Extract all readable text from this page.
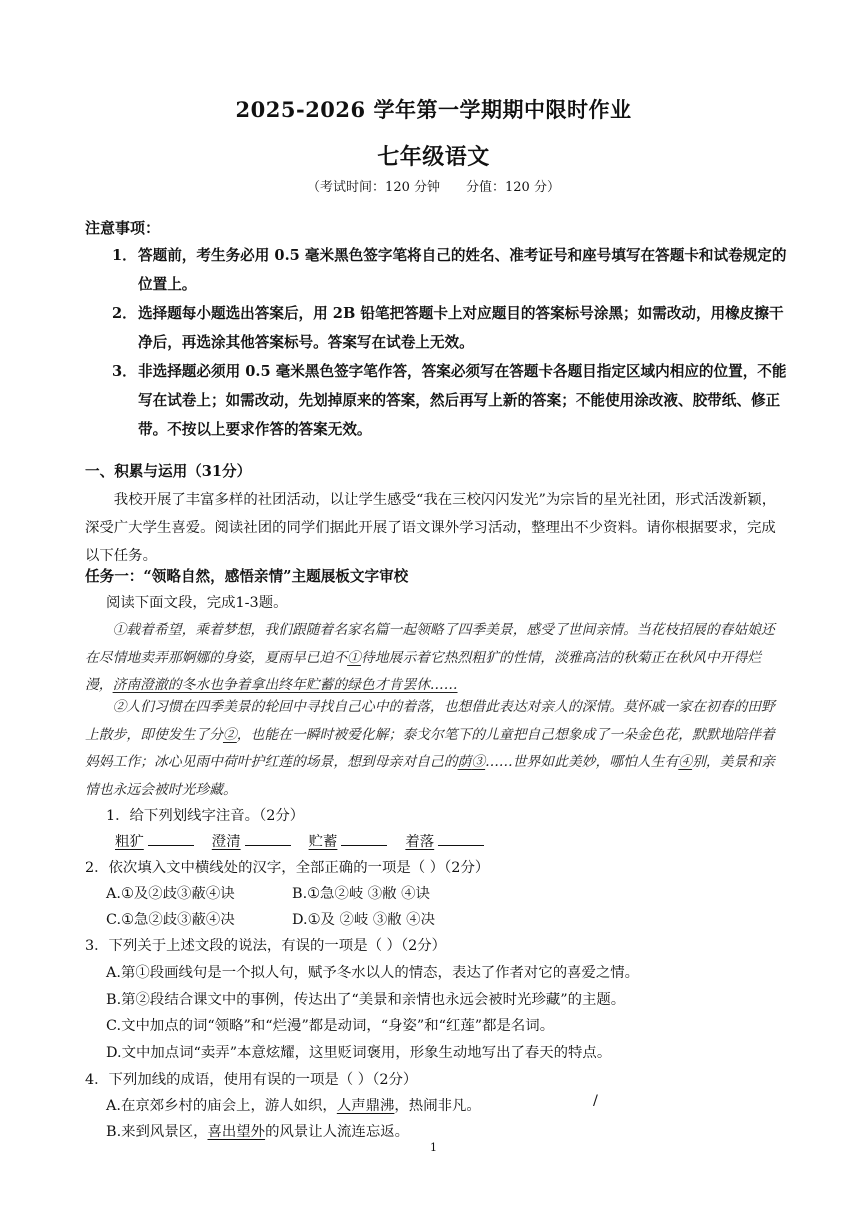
2025-2026 学年第一学期期中限时作业
七年级语文
（考试时间：120 分钟　　分值：120 分）
注意事项：
1． 答题前，考生务必用 0.5 毫米黑色签字笔将自己的姓名、准考证号和座号填写在答题卡和试卷规定的位置上。
2． 选择题每小题选出答案后，用 2B 铅笔把答题卡上对应题目的答案标号涂黑；如需改动，用橡皮擦干净后，再选涂其他答案标号。答案写在试卷上无效。
3． 非选择题必须用 0.5 毫米黑色签字笔作答，答案必须写在答题卡各题目指定区域内相应的位置，不能写在试卷上；如需改动，先划掉原来的答案，然后再写上新的答案；不能使用涂改液、胶带纸、修正带。不按以上要求作答的答案无效。
一、积累与运用（31分）
我校开展了丰富多样的社团活动，以让学生感受“我在三校闪闪发光”为宗旨的星光社团，形式活泼新颖，深受广大学生喜爱。阅读社团的同学们据此开展了语文课外学习活动，整理出不少资料。请你根据要求，完成以下任务。
任务一：“领略自然，感悟亲情”主题展板文字审校
阅读下面文段，完成1-3题。
①载着希望，乘着梦想，我们跟随着名家名篇一起领略了四季美景，感受了世间亲情。当花枝招展的春姑娘还在尽情地卖弄那婀娜的身姿，夏雨早已迫不①待地展示着它热烈粗犷的性情，淡雅高洁的秋菊正在秋风中开得烂漫，济南澄澈的冬水也争着拿出终年贮蓄的绿色才肯罢休……
②人们习惯在四季美景的轮回中寻找自己心中的着落，也想借此表达对亲人的深情。莫怀戚一家在初春的田野上散步，即使发生了分②，也能在一瞬时被爱化解；泰戈尔笔下的儿童把自己想象成了一朵金色花，默默地陪伴着妈妈工作；冰心见雨中荷叶护红莲的场景，想到母亲对自己的荫③……世界如此美妙，哪怕人生有④别，美景和亲情也永远会被时光珍藏。
1．给下列划线字注音。（2分）
粗犷	澄清	贮蓄	着落
2．依次填入文中横线处的汉字，全部正确的一项是（ ）（2分）
A.①及②歧③蔽④诀	B.①急②岐 ③敝 ④诀
C.①急②歧③蔽④决	D.①及 ②岐 ③敝 ④决
3．下列关于上述文段的说法，有误的一项是（ ）（2分）
A.第①段画线句是一个拟人句，赋予冬水以人的情态，表达了作者对它的喜爱之情。
B.第②段结合课文中的事例，传达出了“美景和亲情也永远会被时光珍藏”的主题。
C.文中加点的词“领略”和“烂漫”都是动词，“身姿”和“红莲”都是名词。
D.文中加点词“卖弄”本意炫耀，这里贬词褒用，形象生动地写出了春天的特点。
4．下列加线的成语，使用有误的一项是（ ）（2分）
A.在京郊乡村的庙会上，游人如织，人声鼎沸，热闹非凡。	/
B.来到风景区，喜出望外的风景让人流连忘返。
1
